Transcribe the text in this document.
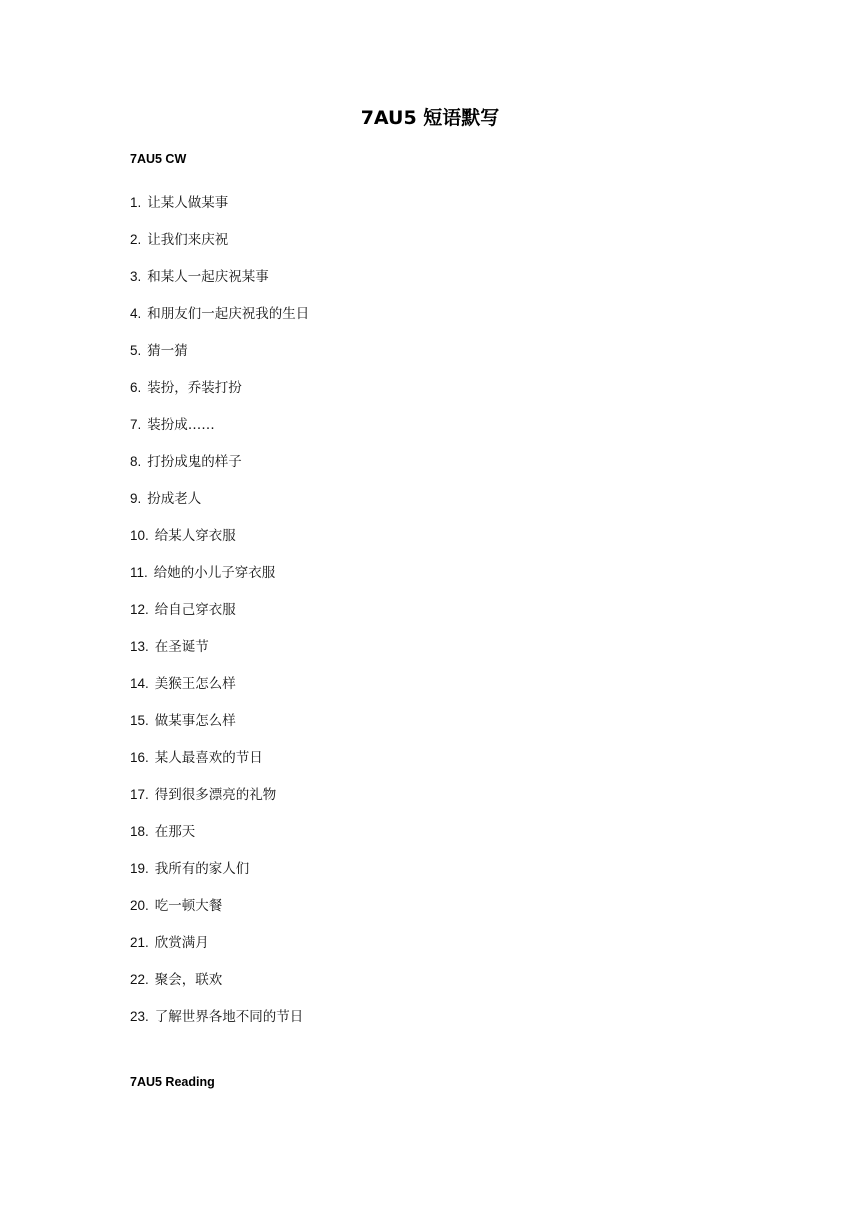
7AU5 短语默写
7AU5 CW
1. 让某人做某事
2. 让我们来庆祝
3. 和某人一起庆祝某事
4. 和朋友们一起庆祝我的生日
5. 猜一猜
6. 装扮，乔装打扮
7. 装扮成……
8. 打扮成鬼的样子
9. 扮成老人
10. 给某人穿衣服
11. 给她的小儿子穿衣服
12. 给自己穿衣服
13. 在圣诞节
14. 美猴王怎么样
15. 做某事怎么样
16. 某人最喜欢的节日
17. 得到很多漂亮的礼物
18. 在那天
19. 我所有的家人们
20. 吃一顿大餐
21. 欣赏满月
22. 聚会，联欢
23. 了解世界各地不同的节日
7AU5 Reading
